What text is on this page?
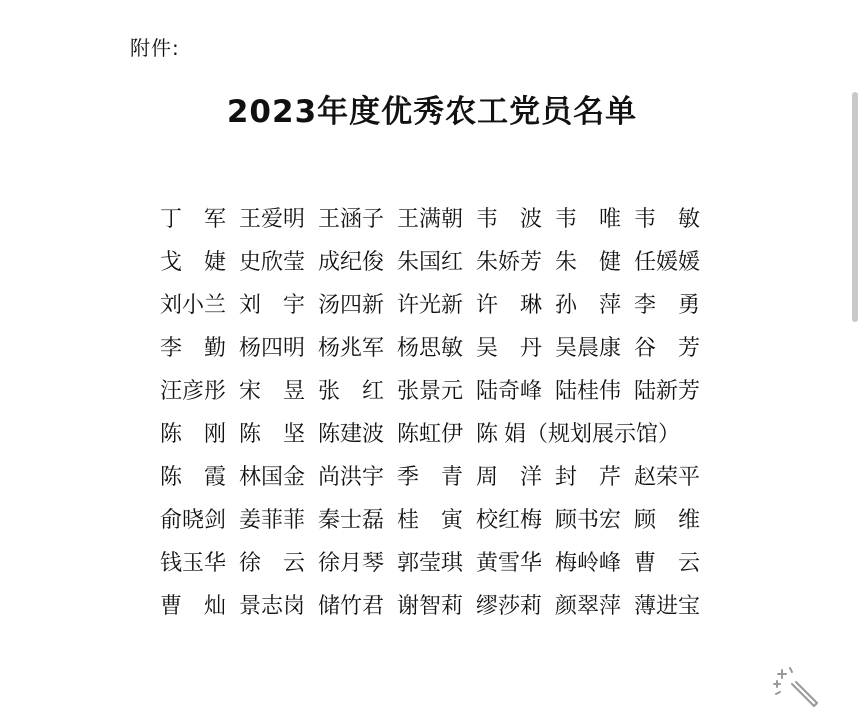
附件:
2023年度优秀农工党员名单
丁 军 王 爱 明 王 涵 子 王 满 朝 韦 波 韦 唯 韦 敏
戈 婕 史 欣 莹 成 纪 俊 朱 国 红 朱 娇 芳 朱 健 任 媛 媛
刘 小 兰 刘 宇 汤 四 新 许 光 新 许 琳 孙 萍 李 勇
李 勤 杨 四 明 杨 兆 军 杨 思 敏 吴 丹 吴 晨 康 谷 芳
汪 彦 彤 宋 昱 张 红 张 景 元 陆 奇 峰 陆 桂 伟 陆 新 芳
陈 刚 陈 坚 陈 建 波 陈 虹 伊 陈 娟（规划展示馆）
陈 霞 林 国 金 尚 洪 宇 季 青 周 洋 封 芹 赵 荣 平
俞 晓 剑 姜 菲 菲 秦 士 磊 桂 寅 校 红 梅 顾 书 宏 顾 维
钱 玉 华 徐 云 徐 月 琴 郭 莹 琪 黄 雪 华 梅 岭 峰 曹 云
曹 灿 景 志 岗 储 竹 君 谢 智 莉 缪 莎 莉 颜 翠 萍 薄 进 宝
